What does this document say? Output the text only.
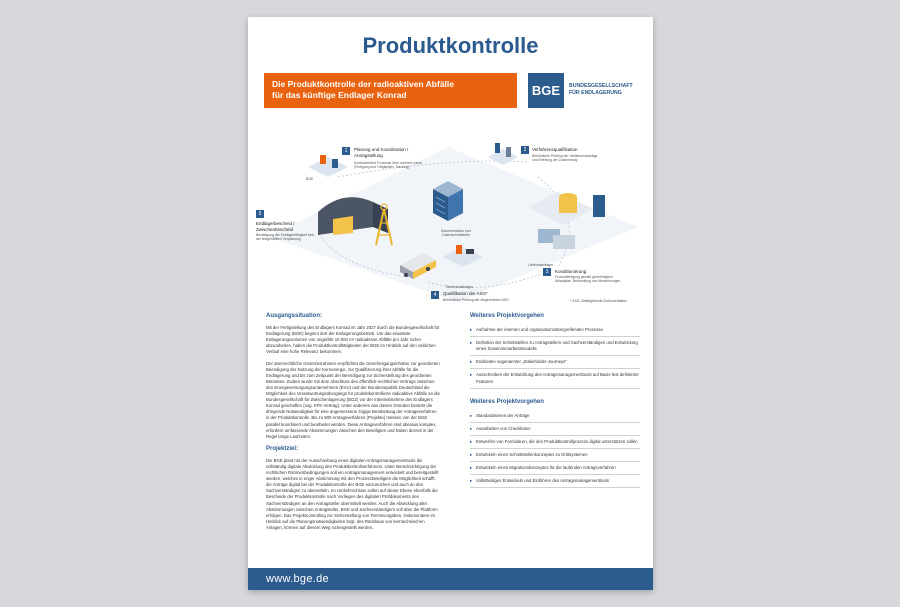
Produktkontrolle
Die Produktkontrolle der radioaktiven Abfälle
für das künftige Endlager Konrad	BGE	BUNDESGESELLSCHAFT
FÜR ENDLAGERUNG
1	Planung und Koordination / Antragstellung
Kontinuierliche Prozesse über mehrere Jahre (Fertigung und Tätigkeiten, Tracking)
2	Verfahrensqualifikation
Behördliche Prüfung der Verfahrensanträge und Erteilung der Zustimmung
3	Konditionierung
Produktfertigung gemäß genehmigtem Ablaufplan, Behandlung von Abweichungen
4	Qualifikation der ASG*
Behördliche Prüfung der eingereichten ASG
5
Endlagerbescheid / Zwischenbescheid
Bestätigung der Endlagerfähigkeit bzw. der festgestellten Verpackung
Dokumentation und Datenschnittstelle
Sachverständiger
Lieferantenlager
BGE
* ASG: Abfallgebinde-Dokumentation
Ausgangssituation:
Mit der Fertigstellung des Endlagers Konrad im Jahr 2027 durch die Bundesgesellschaft für Endlagerung (BGE) beginnt dort der Einlagerungsbetrieb. Um das erwartete Einlagerungsvolumen von ungefähr 10.000 m³ radioaktiver Abfälle pro Jahr sicher abzuarbeiten, haben die Produktkontrolltätigkeiten der BGE im Hinblick auf den zeitlichen Verlauf eine hohe Relevanz bekommen.
Der atomrechtliche Gesetzesrahmen verpflichtet die Genehmigungsinhaber zur geordneten Beendigung der Nutzung der Kernenergie, zur Qualifizierung ihrer Abfälle für die Endlagerung und bis zum Zeitpunkt der Beendigung zur Sicherstellung des geordneten Betriebes. Zudem wurde mit dem Abschluss des öffentlich-rechtlichen Vertrags zwischen den Energieversorgungsunternehmen (EVU) und der Bundesrepublik Deutschland die Möglichkeit des Verantwortungsübergangs für produktkontrollierte radioaktive Abfälle an die Bundesgesellschaft für Zwischenlagerung (BGZ) vor der Inbetriebnahme des Endlagers Konrad geschaffen (sog. KFK-Vertrag). Unter anderem aus diesen Gründen besteht die dringende Notwendigkeit für eine angemessene zügige Bearbeitung der Antragsverfahren in der Produktkontrolle. Bis zu 800 Antragsverfahren (Projekte) müssen von der BGE parallel koordiniert und bearbeitet werden. Diese Antragsverfahren sind überaus komplex, erfordern umfassende Abstimmungen zwischen den Beteiligten und haben derzeit in der Regel lange Laufzeiten.
Projektziel:
Die BGE plant mit der Ausschreibung eines digitalen Antragsmanagementtools die vollständig digitale Abwicklung des Produktkontrollverfahrens. Unter Berücksichtigung der rechtlichen Rahmenbedingungen soll ein Antragsmanagement entwickelt und bereitgestellt werden, welches in enger Abstimmung mit den Prozessbeteiligten die Möglichkeit schafft, die Anträge digital bei der Produktkontrolle der BGE einzureichen und auch an den Sachverständigen zu übermitteln. Im Umkehrschluss sollen auf dieser Ebene ebenfalls die Bescheide der Produktkontrolle nach Vorliegen des digitalen Prüfdokuments des Sachverständigen an den Antragsteller übermittelt werden. Auch die Abwicklung aller Abstimmungen zwischen Antragsteller, BGE und Sachverständigem soll über die Plattform erfolgen. Das Projektcontrolling zur Sicherstellung von Terminvorgaben, insbesondere im Hinblick auf die Planungsnotwendigkeiten bzgl. des Rückbaus von kerntechnischen Anlagen, können auf diesem Weg sichergestellt werden.
Weiteres Projektvorgehen
▸ Aufnahme der internen und organisationsübergreifenden Prozesse
▸ Definition der Schnittstellen zu Antragstellern und Sachverständigen und Entwicklung eines Zusammenarbeitsmodells
▸ Erarbeiten sogenannter „Stakeholder-Journeys“
▸ Ausschreiben der Entwicklung des Antragsmanagementtools auf Basis fest definierter Features
Weiteres Projektvorgehen
▸ Standardisieren der Anträge
▸ Ausarbeiten von Checklisten
▸ Entwerfen von Formularen, die den Produktkontrollprozess digital unterstützen sollen
▸ Entwickeln eines Schnittstellenkonzeptes zu Drittsystemen
▸ Entwickeln eines Migrationskonzeptes für die laufenden Antragsverfahren
▸ Vollständiges Entwickeln und Einführen des Antragsmanagementtools
www.bge.de
